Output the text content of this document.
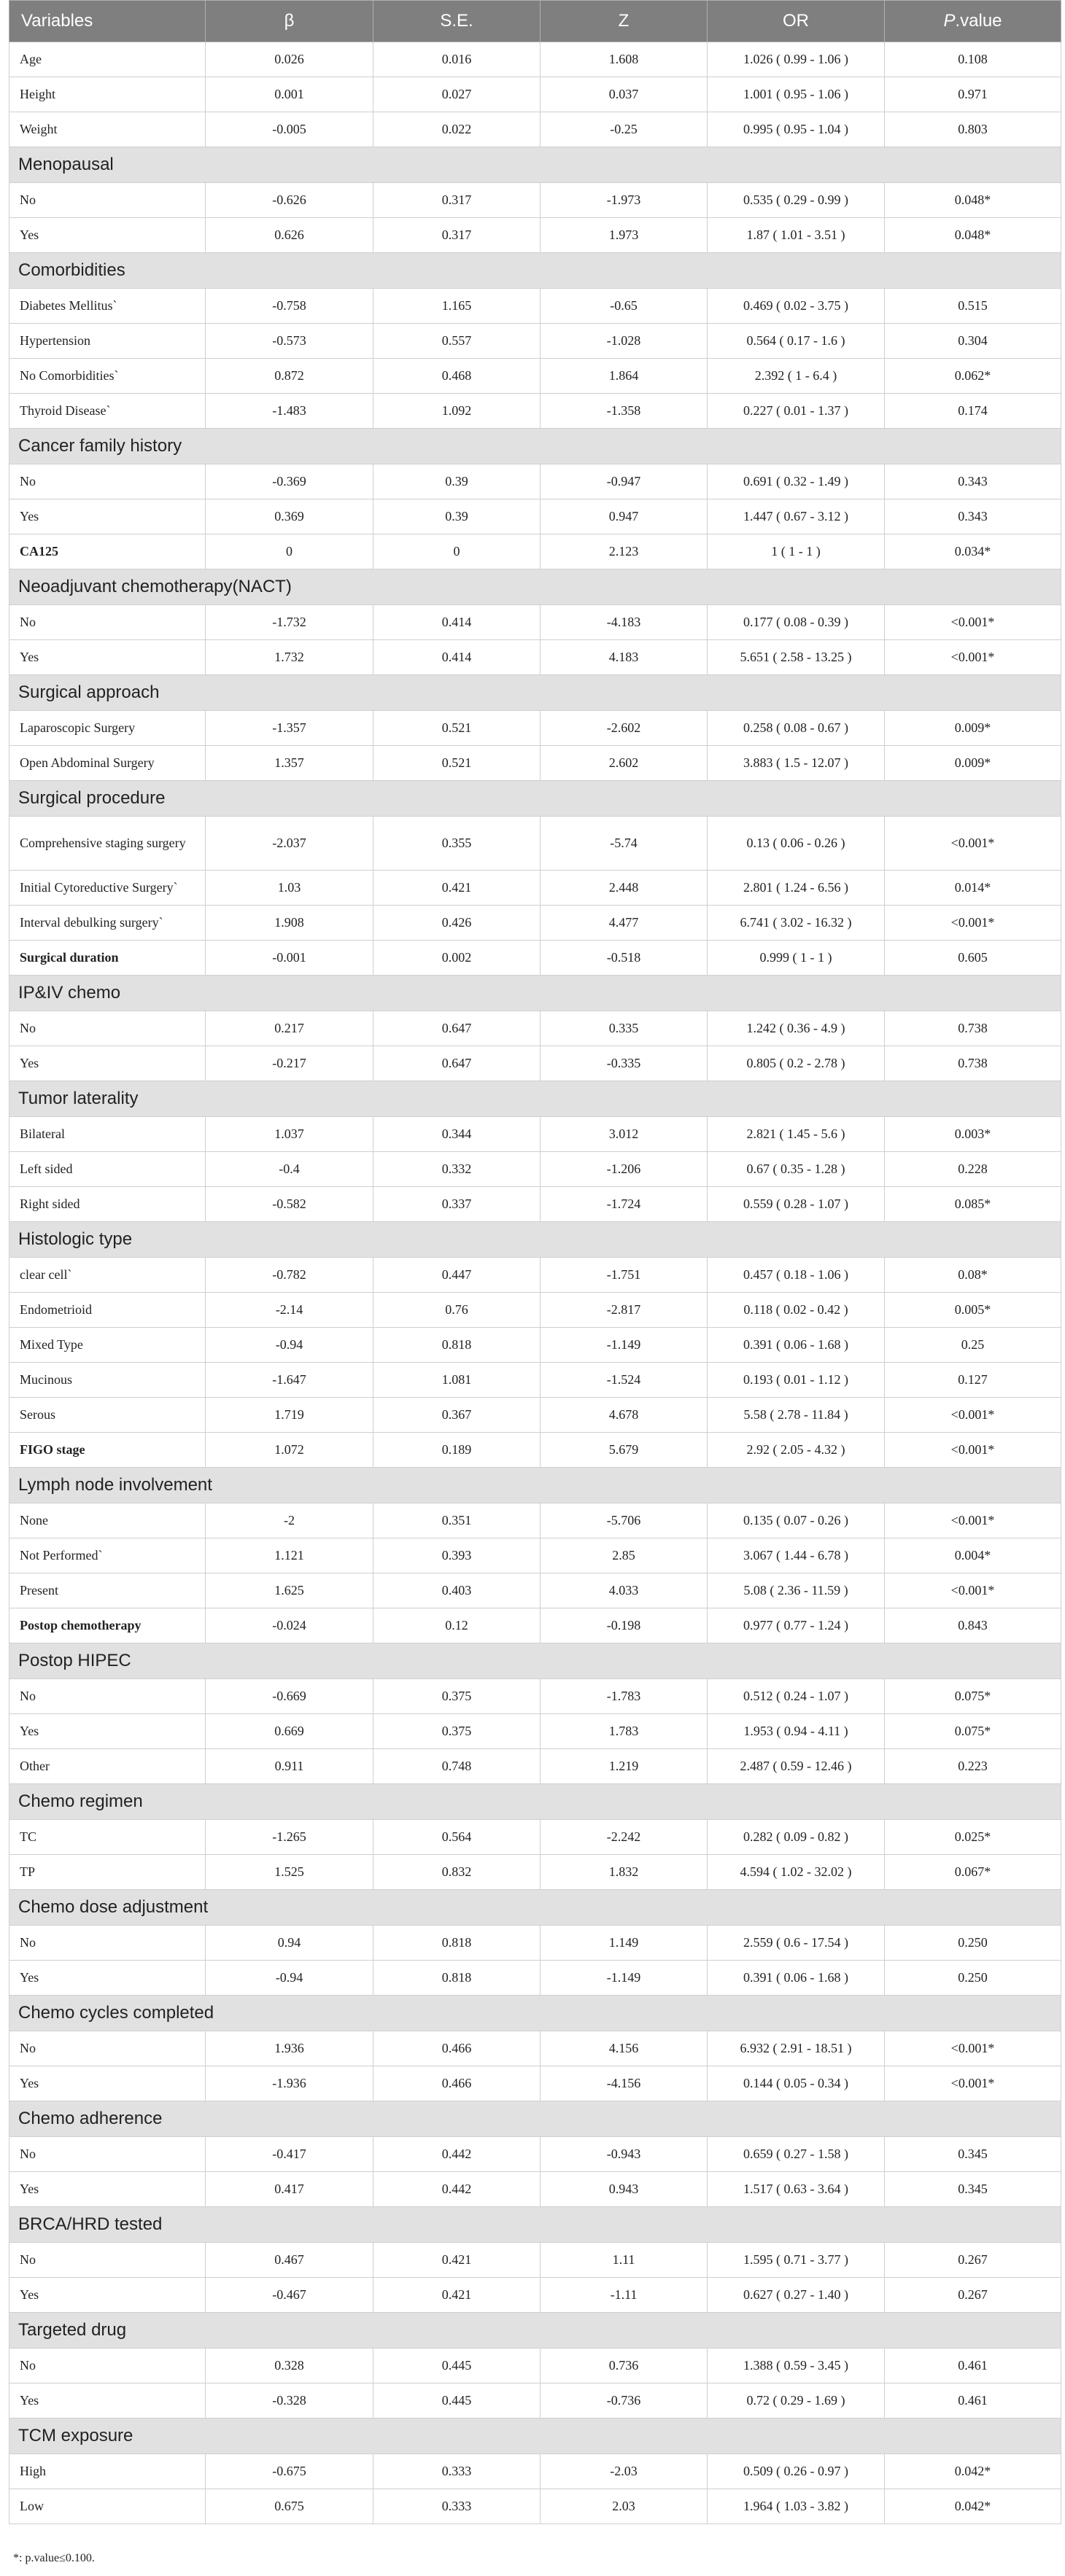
Variables	β	S.E.	Z	OR	P.value
Age	0.026	0.016	1.608	1.026 ( 0.99 - 1.06 )	0.108
Height	0.001	0.027	0.037	1.001 ( 0.95 - 1.06 )	0.971
Weight	-0.005	0.022	-0.25	0.995 ( 0.95 - 1.04 )	0.803
Menopausal					
No	-0.626	0.317	-1.973	0.535 ( 0.29 - 0.99 )	0.048*
Yes	0.626	0.317	1.973	1.87 ( 1.01 - 3.51 )	0.048*
Comorbidities					
Diabetes Mellitus`	-0.758	1.165	-0.65	0.469 ( 0.02 - 3.75 )	0.515
Hypertension	-0.573	0.557	-1.028	0.564 ( 0.17 - 1.6 )	0.304
No Comorbidities`	0.872	0.468	1.864	2.392 ( 1 - 6.4 )	0.062*
Thyroid Disease`	-1.483	1.092	-1.358	0.227 ( 0.01 - 1.37 )	0.174
Cancer family history					
No	-0.369	0.39	-0.947	0.691 ( 0.32 - 1.49 )	0.343
Yes	0.369	0.39	0.947	1.447 ( 0.67 - 3.12 )	0.343
CA125	0	0	2.123	1 ( 1 - 1 )	0.034*
Neoadjuvant chemotherapy(NACT)					
No	-1.732	0.414	-4.183	0.177 ( 0.08 - 0.39 )	<0.001*
Yes	1.732	0.414	4.183	5.651 ( 2.58 - 13.25 )	<0.001*
Surgical approach					
Laparoscopic Surgery	-1.357	0.521	-2.602	0.258 ( 0.08 - 0.67 )	0.009*
Open Abdominal Surgery	1.357	0.521	2.602	3.883 ( 1.5 - 12.07 )	0.009*
Surgical procedure					
Comprehensive staging surgery	-2.037	0.355	-5.74	0.13 ( 0.06 - 0.26 )	<0.001*
Initial Cytoreductive Surgery`	1.03	0.421	2.448	2.801 ( 1.24 - 6.56 )	0.014*
Interval debulking surgery`	1.908	0.426	4.477	6.741 ( 3.02 - 16.32 )	<0.001*
Surgical duration	-0.001	0.002	-0.518	0.999 ( 1 - 1 )	0.605
IP&IV chemo					
No	0.217	0.647	0.335	1.242 ( 0.36 - 4.9 )	0.738
Yes	-0.217	0.647	-0.335	0.805 ( 0.2 - 2.78 )	0.738
Tumor laterality					
Bilateral	1.037	0.344	3.012	2.821 ( 1.45 - 5.6 )	0.003*
Left sided	-0.4	0.332	-1.206	0.67 ( 0.35 - 1.28 )	0.228
Right sided	-0.582	0.337	-1.724	0.559 ( 0.28 - 1.07 )	0.085*
Histologic type					
clear cell`	-0.782	0.447	-1.751	0.457 ( 0.18 - 1.06 )	0.08*
Endometrioid	-2.14	0.76	-2.817	0.118 ( 0.02 - 0.42 )	0.005*
Mixed Type	-0.94	0.818	-1.149	0.391 ( 0.06 - 1.68 )	0.25
Mucinous	-1.647	1.081	-1.524	0.193 ( 0.01 - 1.12 )	0.127
Serous	1.719	0.367	4.678	5.58 ( 2.78 - 11.84 )	<0.001*
FIGO stage	1.072	0.189	5.679	2.92 ( 2.05 - 4.32 )	<0.001*
Lymph node involvement					
None	-2	0.351	-5.706	0.135 ( 0.07 - 0.26 )	<0.001*
Not Performed`	1.121	0.393	2.85	3.067 ( 1.44 - 6.78 )	0.004*
Present	1.625	0.403	4.033	5.08 ( 2.36 - 11.59 )	<0.001*
Postop chemotherapy	-0.024	0.12	-0.198	0.977 ( 0.77 - 1.24 )	0.843
Postop HIPEC					
No	-0.669	0.375	-1.783	0.512 ( 0.24 - 1.07 )	0.075*
Yes	0.669	0.375	1.783	1.953 ( 0.94 - 4.11 )	0.075*
Other	0.911	0.748	1.219	2.487 ( 0.59 - 12.46 )	0.223
Chemo regimen					
TC	-1.265	0.564	-2.242	0.282 ( 0.09 - 0.82 )	0.025*
TP	1.525	0.832	1.832	4.594 ( 1.02 - 32.02 )	0.067*
Chemo dose adjustment					
No	0.94	0.818	1.149	2.559 ( 0.6 - 17.54 )	0.250
Yes	-0.94	0.818	-1.149	0.391 ( 0.06 - 1.68 )	0.250
Chemo cycles completed					
No	1.936	0.466	4.156	6.932 ( 2.91 - 18.51 )	<0.001*
Yes	-1.936	0.466	-4.156	0.144 ( 0.05 - 0.34 )	<0.001*
Chemo adherence					
No	-0.417	0.442	-0.943	0.659 ( 0.27 - 1.58 )	0.345
Yes	0.417	0.442	0.943	1.517 ( 0.63 - 3.64 )	0.345
BRCA/HRD tested					
No	0.467	0.421	1.11	1.595 ( 0.71 - 3.77 )	0.267
Yes	-0.467	0.421	-1.11	0.627 ( 0.27 - 1.40 )	0.267
Targeted drug					
No	0.328	0.445	0.736	1.388 ( 0.59 - 3.45 )	0.461
Yes	-0.328	0.445	-0.736	0.72 ( 0.29 - 1.69 )	0.461
TCM exposure					
High	-0.675	0.333	-2.03	0.509 ( 0.26 - 0.97 )	0.042*
Low	0.675	0.333	2.03	1.964 ( 1.03 - 3.82 )	0.042*
*: p.value≤0.100.
